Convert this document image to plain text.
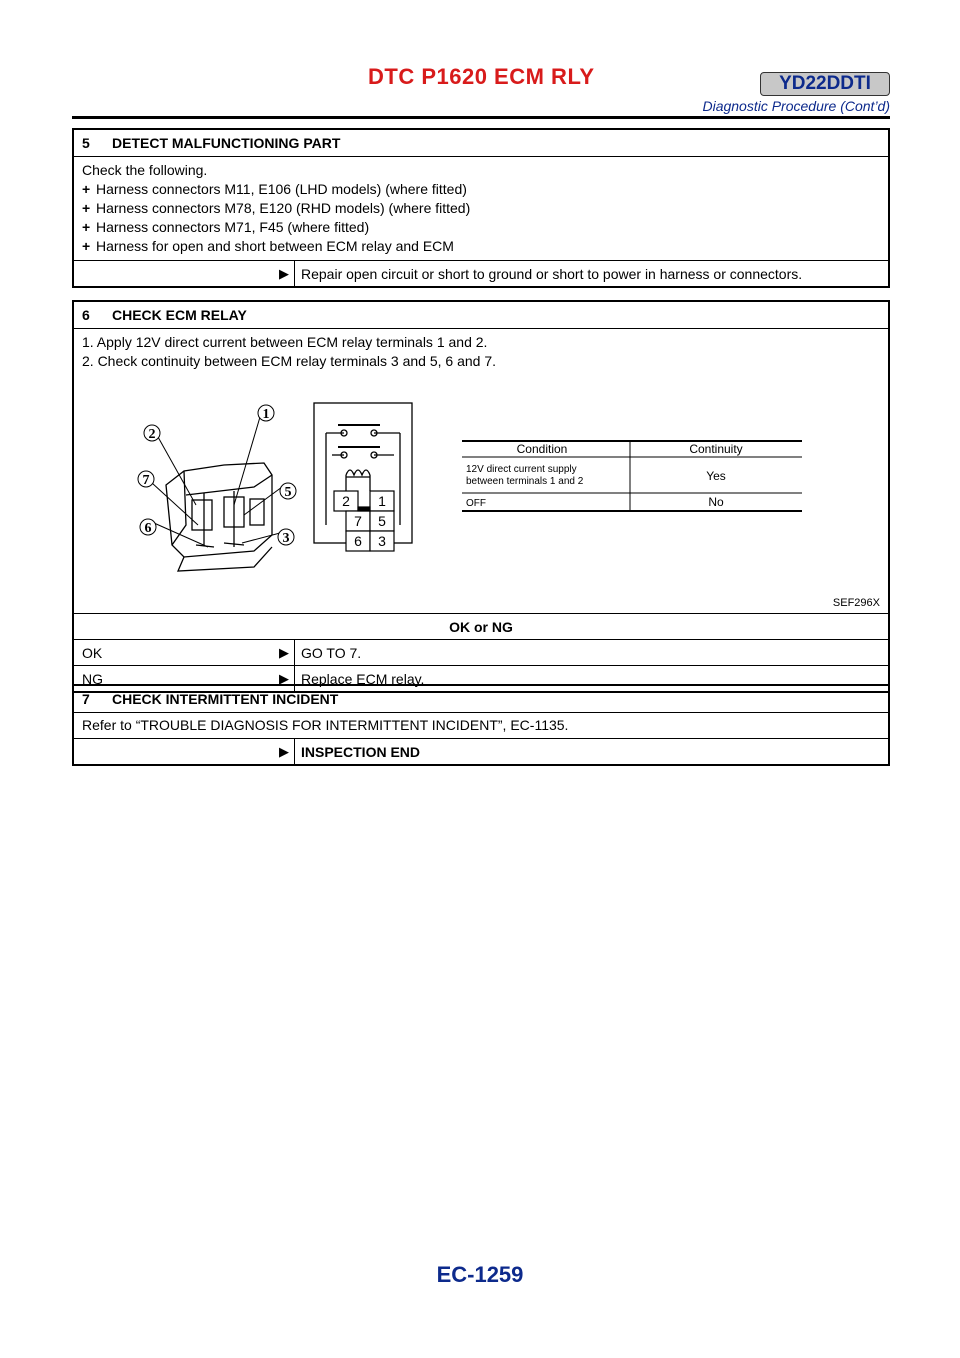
DTC P1620 ECM RLY	YD22DDTI
Diagnostic Procedure (Cont’d)
5 DETECT MALFUNCTIONING PART
Check the following.
+ Harness connectors M11, E106 (LHD models) (where fitted)
+ Harness connectors M78, E120 (RHD models) (where fitted)
+ Harness connectors M71, F45 (where fitted)
+ Harness for open and short between ECM relay and ECM
▶ Repair open circuit or short to ground or short to power in harness or connectors.
6 CHECK ECM RELAY
1. Apply 12V direct current between ECM relay terminals 1 and 2.
2. Check continuity between ECM relay terminals 3 and 5, 6 and 7.
1
2
7
5
6
3
2 1
7 5
6 3
Condition	Continuity
12V direct current supply
between terminals 1 and 2	Yes
OFF	No
SEF296X
OK or NG
OK	▶ GO TO 7.
NG	▶ Replace ECM relay.
7 CHECK INTERMITTENT INCIDENT
Refer to “TROUBLE DIAGNOSIS FOR INTERMITTENT INCIDENT”, EC-1135.
▶ INSPECTION END
EC-1259
